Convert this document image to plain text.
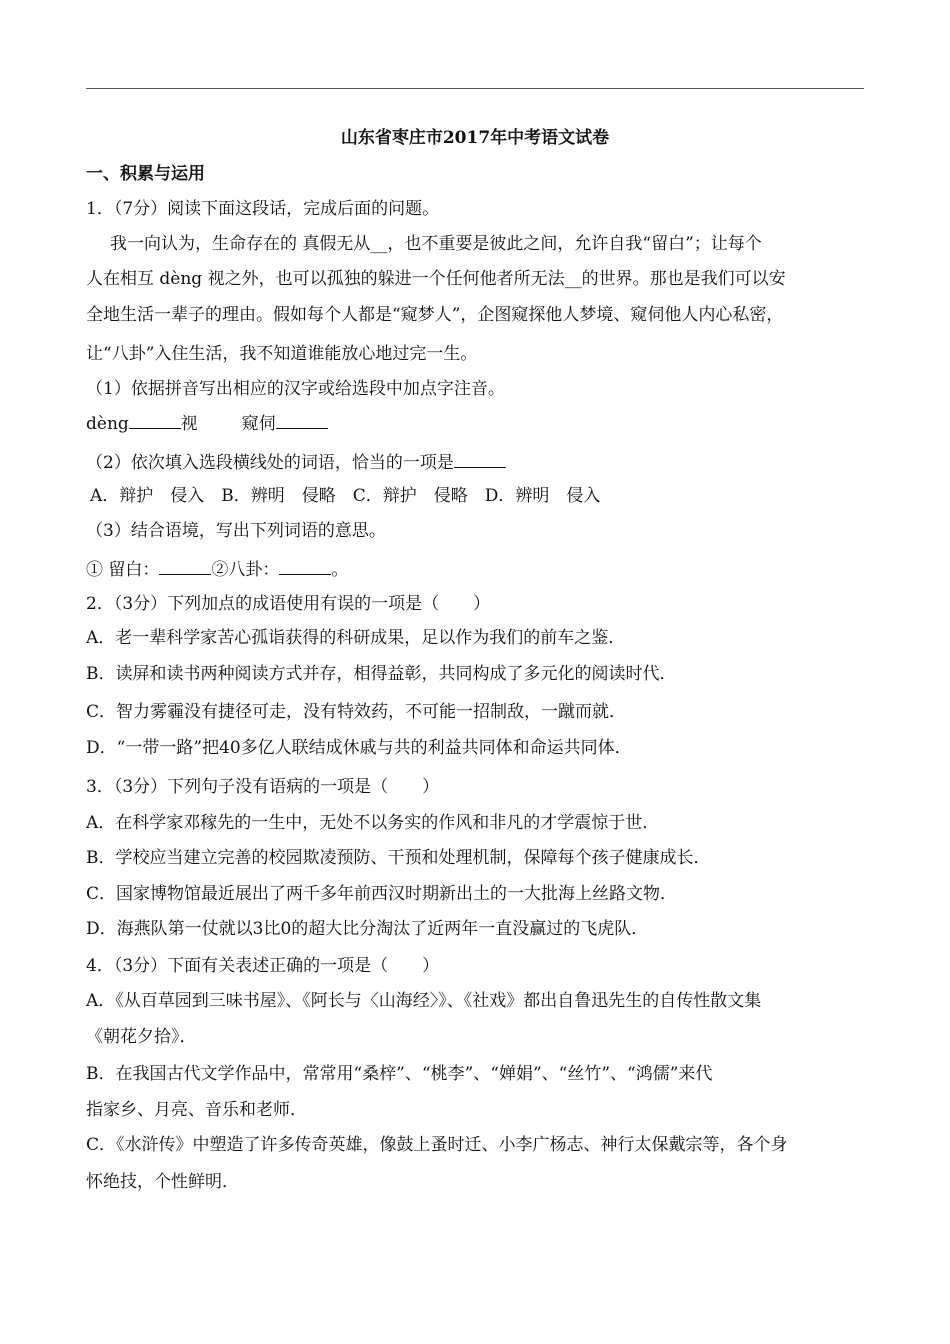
山东省枣庄市2017年中考语文试卷
一、积累与运用
1．（7分）阅读下面这段话，完成后面的问题。
我一向认为，生命存在的 真假无从__，也不重要是彼此之间，允许自我“留白”；让每个
人在相互 dèng 视之外，也可以孤独的躲进一个任何他者所无法__的世界。那也是我们可以安
全地生活一辈子的理由。假如每个人都是“窥梦人”，企图窥探他人梦境、窥伺他人内心私密，
让“八卦”入住生活，我不知道谁能放心地过完一生。
（1）依据拼音写出相应的汉字或给选段中加点字注音。
dèng	视	窥伺
（2）依次填入选段横线处的词语，恰当的一项是
A．辩护　侵入　B．辨明　侵略　C．辩护　侵略　D．辨明　侵入
（3）结合语境，写出下列词语的意思。
① 留白：	②八卦：	。
2．（3分）下列加点的成语使用有误的一项是（　　）
A．老一辈科学家苦心孤诣获得的科研成果，足以作为我们的前车之鉴．
B．读屏和读书两种阅读方式并存，相得益彰，共同构成了多元化的阅读时代．
C．智力雾霾没有捷径可走，没有特效药，不可能一招制敌，一蹴而就．
D．“一带一路”把40多亿人联结成休戚与共的利益共同体和命运共同体．
3．（3分）下列句子没有语病的一项是（　　）
A．在科学家邓稼先的一生中，无处不以务实的作风和非凡的才学震惊于世．
B．学校应当建立完善的校园欺凌预防、干预和处理机制，保障每个孩子健康成长．
C．国家博物馆最近展出了两千多年前西汉时期新出土的一大批海上丝路文物．
D．海燕队第一仗就以3比0的超大比分淘汰了近两年一直没赢过的飞虎队．
4．（3分）下面有关表述正确的一项是（　　）
A．《从百草园到三味书屋》、《阿长与〈山海经〉》、《社戏》都出自鲁迅先生的自传性散文集
《朝花夕拾》．
B．在我国古代文学作品中，常常用“桑梓”、“桃李”、“婵娟”、“丝竹”、“鸿儒”来代
指家乡、月亮、音乐和老师．
C．《水浒传》中塑造了许多传奇英雄，像鼓上蚤时迁、小李广杨志、神行太保戴宗等，各个身
怀绝技，个性鲜明．
